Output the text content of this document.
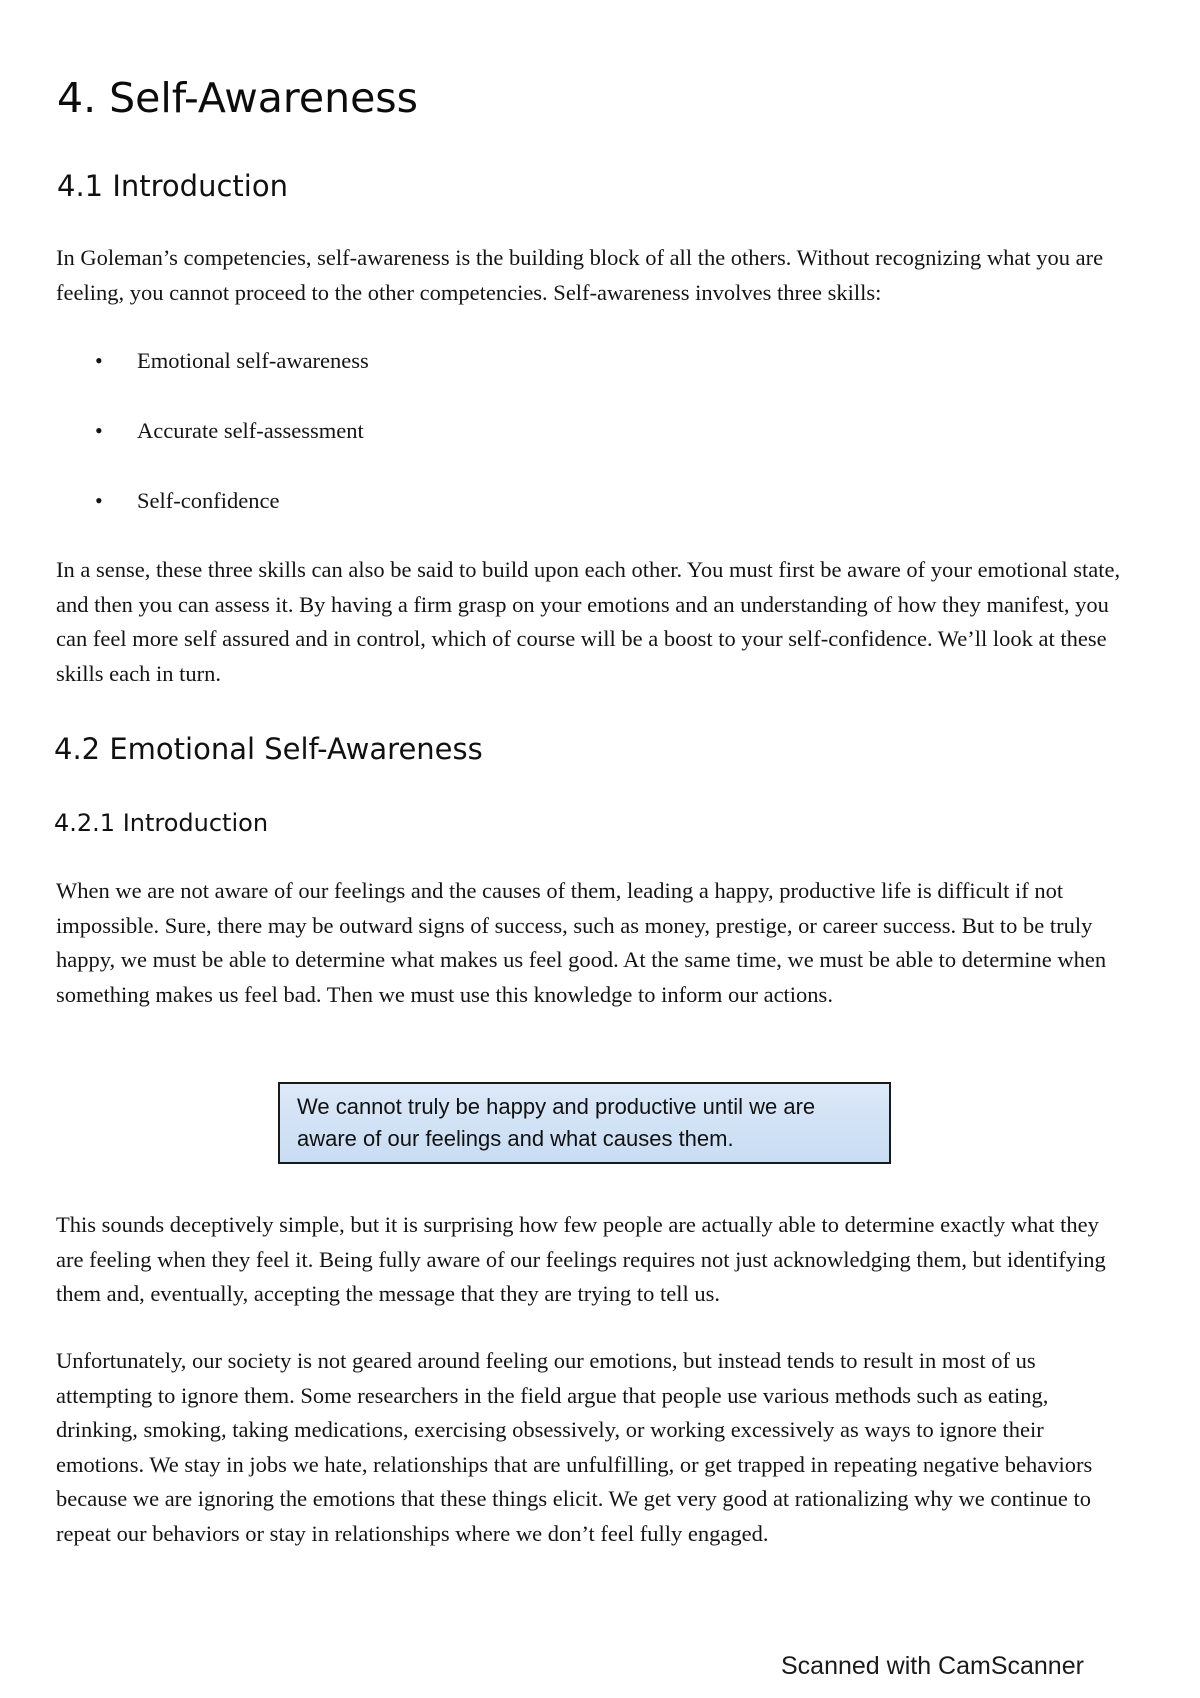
4. Self-Awareness
4.1 Introduction

In Goleman’s competencies, self-awareness is the building block of all the others. Without recognizing what you are feeling, you cannot proceed to the other competencies. Self-awareness involves three skills:

• Emotional self-awareness
• Accurate self-assessment
• Self-confidence

In a sense, these three skills can also be said to build upon each other. You must first be aware of your emotional state, and then you can assess it. By having a firm grasp on your emotions and an understanding of how they manifest, you can feel more self assured and in control, which of course will be a boost to your self-confidence. We’ll look at these skills each in turn.

4.2 Emotional Self-Awareness
4.2.1 Introduction

When we are not aware of our feelings and the causes of them, leading a happy, productive life is difficult if not impossible. Sure, there may be outward signs of success, such as money, prestige, or career success. But to be truly happy, we must be able to determine what makes us feel good. At the same time, we must be able to determine when something makes us feel bad. Then we must use this knowledge to inform our actions.

We cannot truly be happy and productive until we are aware of our feelings and what causes them.

This sounds deceptively simple, but it is surprising how few people are actually able to determine exactly what they are feeling when they feel it. Being fully aware of our feelings requires not just acknowledging them, but identifying them and, eventually, accepting the message that they are trying to tell us.

Unfortunately, our society is not geared around feeling our emotions, but instead tends to result in most of us attempting to ignore them. Some researchers in the field argue that people use various methods such as eating, drinking, smoking, taking medications, exercising obsessively, or working excessively as ways to ignore their emotions. We stay in jobs we hate, relationships that are unfulfilling, or get trapped in repeating negative behaviors because we are ignoring the emotions that these things elicit. We get very good at rationalizing why we continue to repeat our behaviors or stay in relationships where we don’t feel fully engaged.

Scanned with CamScanner
